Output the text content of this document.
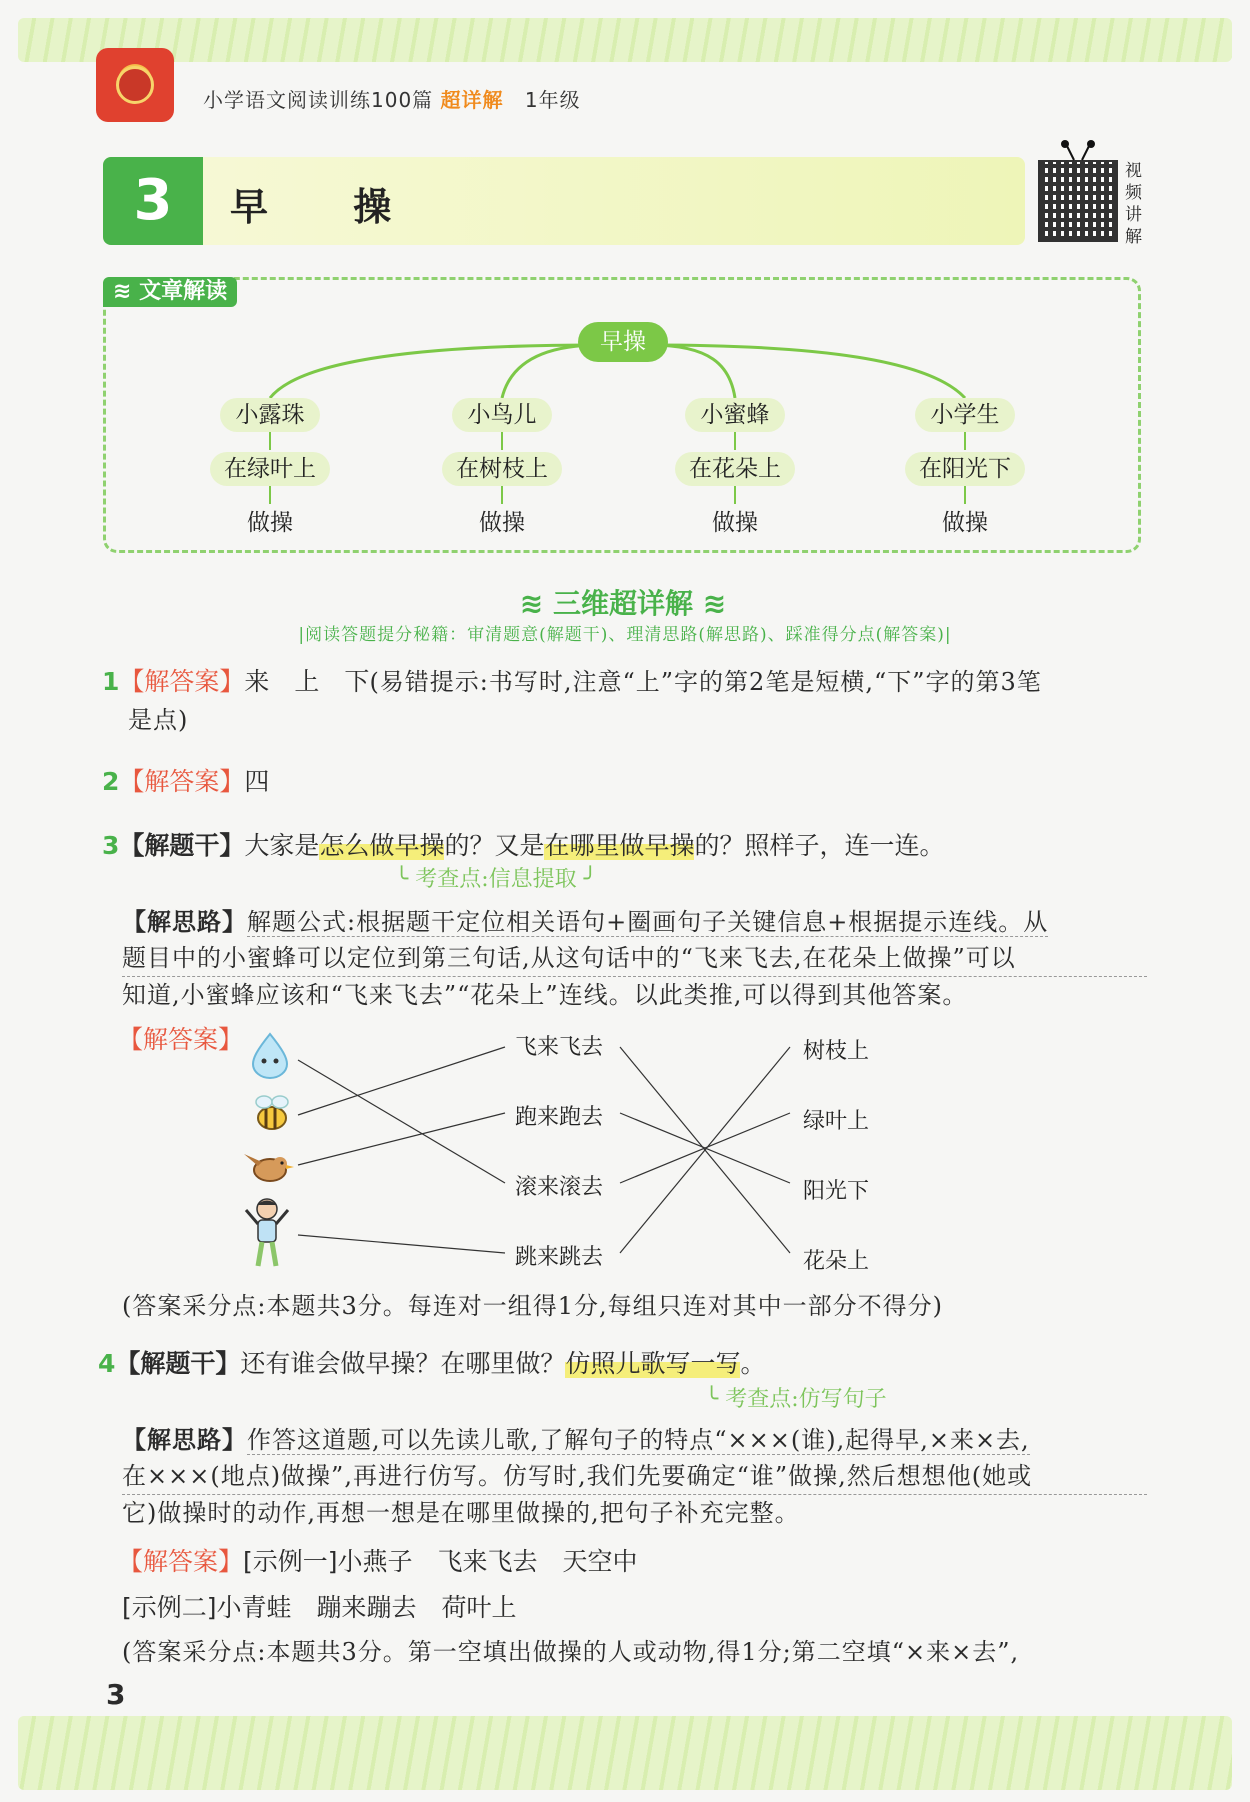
小学语文阅读训练100篇 超详解 1年级
3	早 操
视
频
讲
解
≋ 文章解读
早操
小露珠
在绿叶上
做操
小鸟儿
在树枝上
做操
小蜜蜂
在花朵上
做操
小学生
在阳光下
做操
≋ 三维超详解 ≋
|阅读答题提分秘籍：审清题意(解题干)、理清思路(解思路)、踩准得分点(解答案)|
1【解答案】来　上　下(易错提示:书写时,注意“上”字的第2笔是短横,“下”字的第3笔
是点)
2【解答案】四
3【解题干】大家是怎么做早操的？又是在哪里做早操的？照样子，连一连。
╰ 考查点:信息提取 ╯
【解思路】解题公式:根据题干定位相关语句+圈画句子关键信息+根据提示连线。从
题目中的小蜜蜂可以定位到第三句话,从这句话中的“飞来飞去,在花朵上做操”可以
知道,小蜜蜂应该和“飞来飞去”“花朵上”连线。以此类推,可以得到其他答案。
【解答案】	飞来飞去
跑来跑去
滚来滚去
跳来跳去
树枝上
绿叶上
阳光下
花朵上
(答案采分点:本题共3分。每连对一组得1分,每组只连对其中一部分不得分)
4【解题干】还有谁会做早操？在哪里做？仿照儿歌写一写。
╰ 考查点:仿写句子
【解思路】作答这道题,可以先读儿歌,了解句子的特点“×××(谁),起得早,×来×去,
在×××(地点)做操”,再进行仿写。仿写时,我们先要确定“谁”做操,然后想想他(她或
它)做操时的动作,再想一想是在哪里做操的,把句子补充完整。
【解答案】[示例一]小燕子　飞来飞去　天空中
[示例二]小青蛙　蹦来蹦去　荷叶上
(答案采分点:本题共3分。第一空填出做操的人或动物,得1分;第二空填“×来×去”,
3
